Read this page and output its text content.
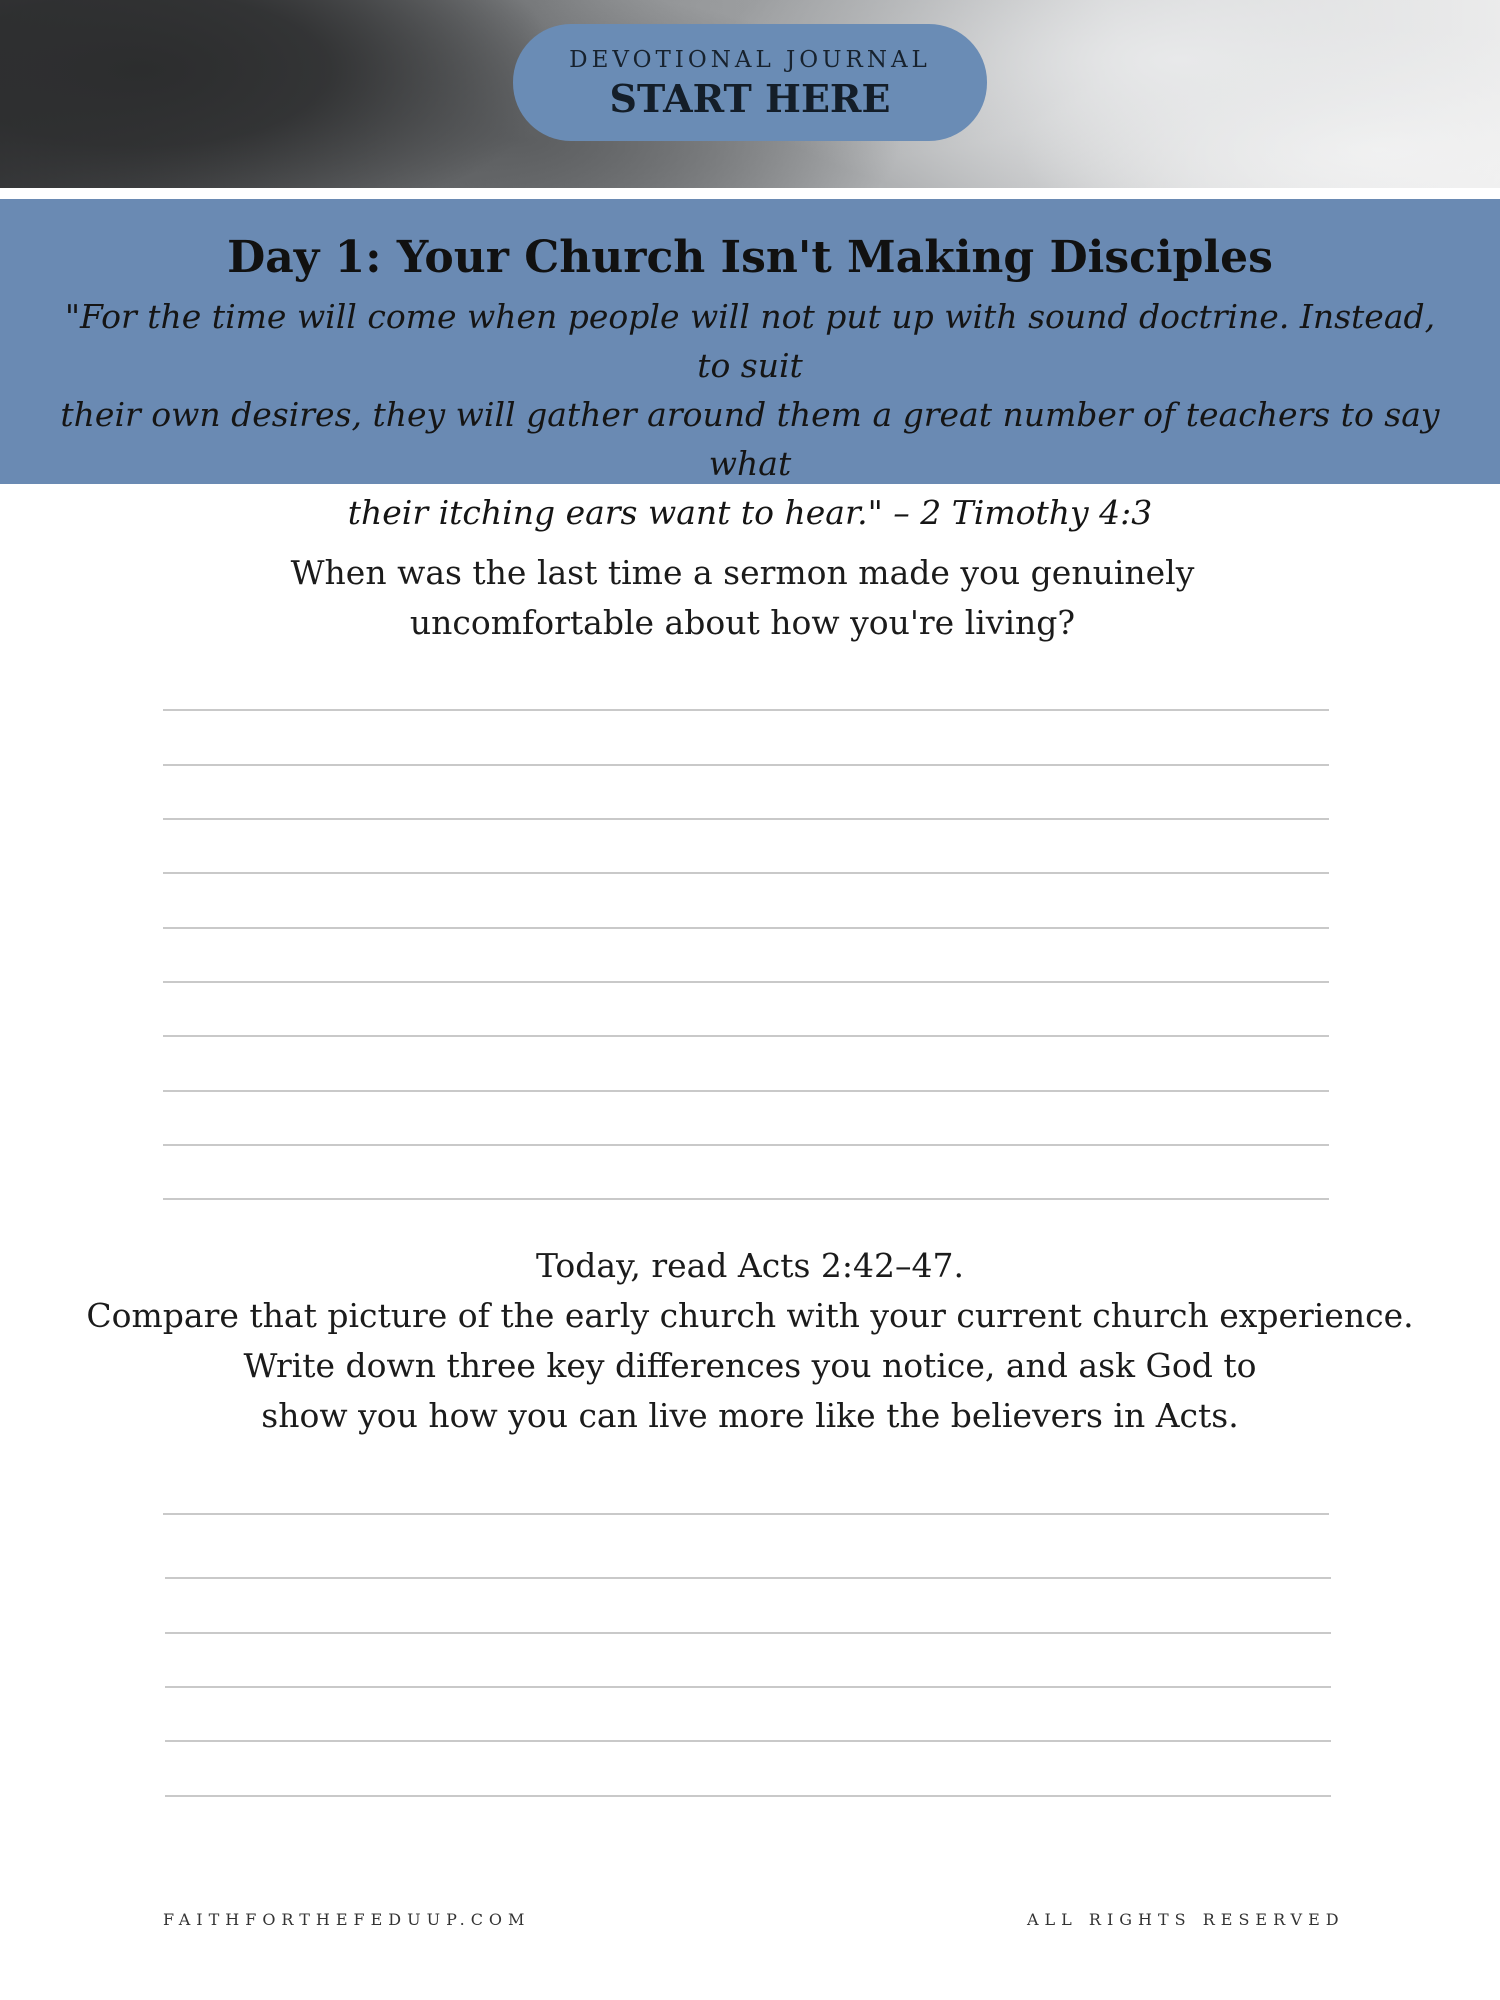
DEVOTIONAL JOURNAL
START HERE
Day 1: Your Church Isn't Making Disciples
"For the time will come when people will not put up with sound doctrine. Instead, to suit
their own desires, they will gather around them a great number of teachers to say what
their itching ears want to hear." – 2 Timothy 4:3
When was the last time a sermon made you genuinely
uncomfortable about how you're living?
Today, read Acts 2:42–47.
Compare that picture of the early church with your current church experience.
Write down three key differences you notice, and ask God to
show you how you can live more like the believers in Acts.
FAITHFORTHEFEDUUP.COM	ALL RIGHTS RESERVED
